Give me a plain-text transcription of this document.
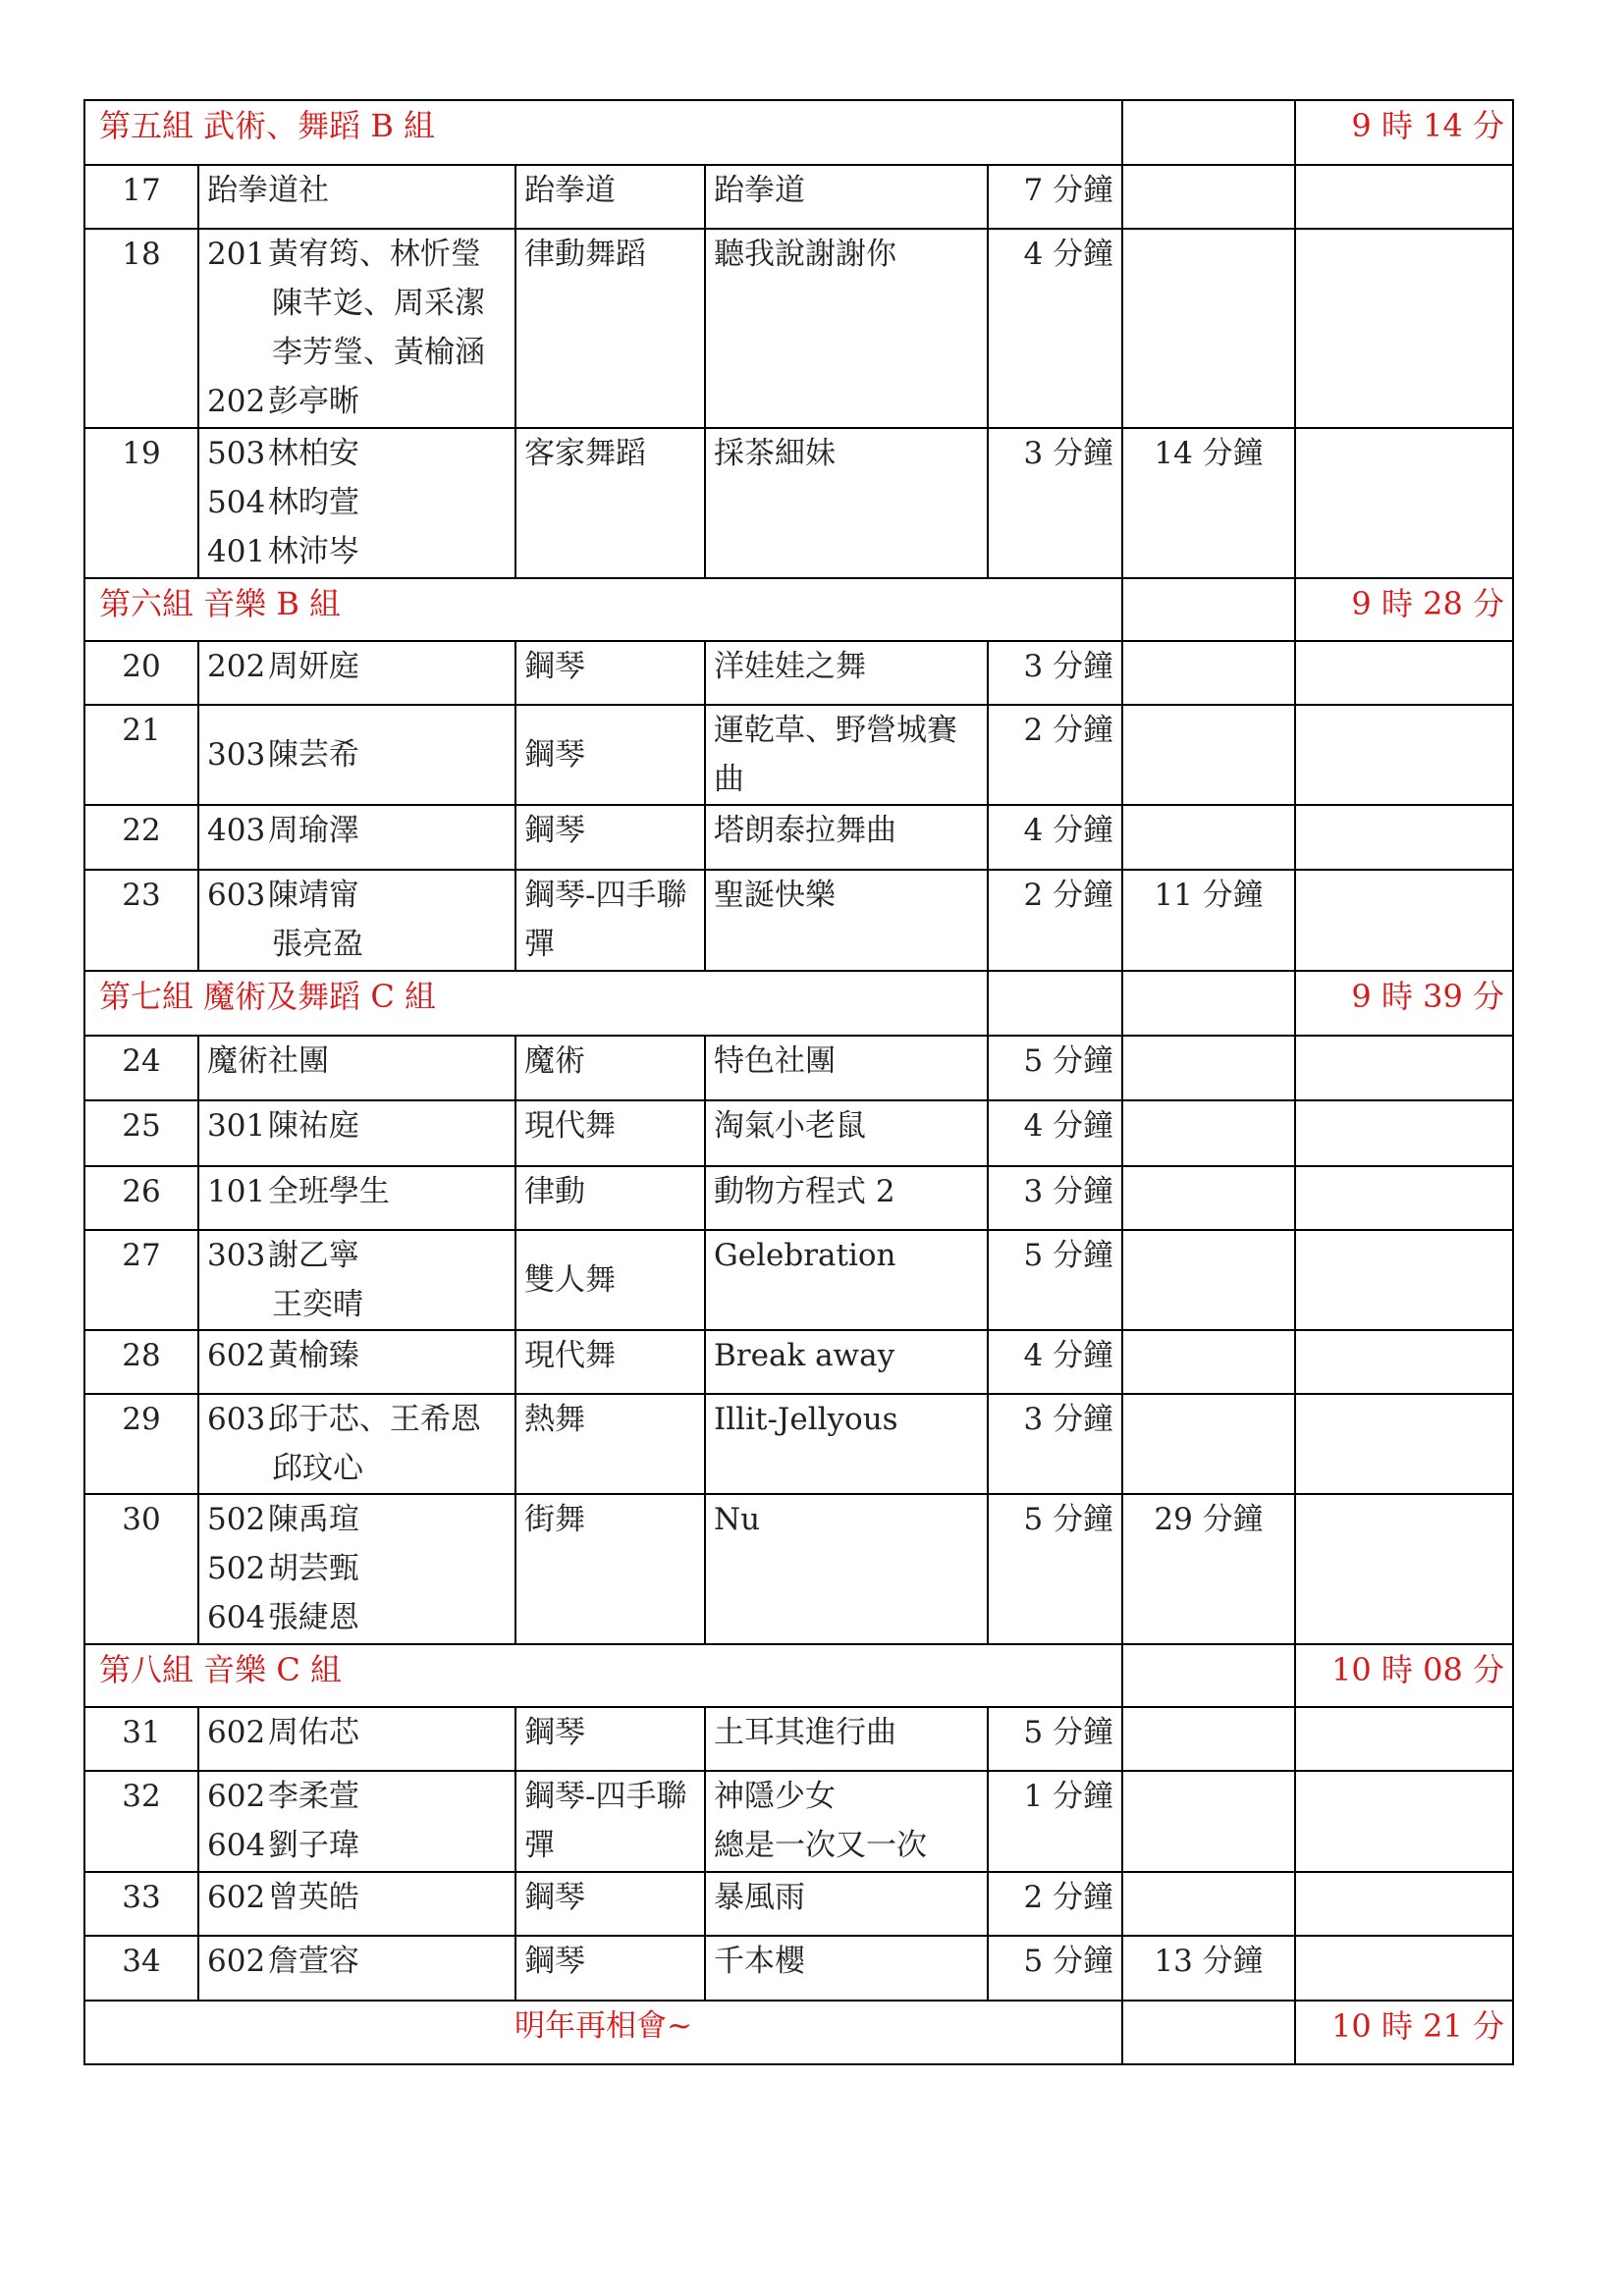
第五組 武術、舞蹈 B 組						9 時 14 分
17	跆拳道社	跆拳道	跆拳道	7 分鐘		
18	201 黃宥筠、林忻瑩
陳芊彣、周采潔
李芳瑩、黃榆涵
202 彭亭晰	律動舞蹈	聽我說謝謝你	4 分鐘		
19	503 林柏安
504 林昀萱
401 林沛岑	客家舞蹈	採茶細妹	3 分鐘	14 分鐘	
第六組 音樂 B 組						9 時 28 分
20	202 周妍庭	鋼琴	洋娃娃之舞	3 分鐘		
21	303 陳芸希	鋼琴	運乾草、野營城賽
曲	2 分鐘		
22	403 周瑜澤	鋼琴	塔朗泰拉舞曲	4 分鐘		
23	603 陳靖甯
張亮盈	鋼琴-四手聯彈	聖誕快樂	2 分鐘	11 分鐘	
第七組 魔術及舞蹈 C 組						9 時 39 分
24	魔術社團	魔術	特色社團	5 分鐘		
25	301 陳祐庭	現代舞	淘氣小老鼠	4 分鐘		
26	101 全班學生	律動	動物方程式 2	3 分鐘		
27	303 謝乙寧
王奕晴	雙人舞	Gelebration	5 分鐘		
28	602 黃榆臻	現代舞	Break away	4 分鐘		
29	603 邱于芯、王希恩
邱玟心	熱舞	Illit-Jellyous	3 分鐘		
30	502 陳禹瑄
502 胡芸甄
604 張緁恩	街舞	Nu	5 分鐘	29 分鐘	
第八組 音樂 C 組						10 時 08 分
31	602 周佑芯	鋼琴	土耳其進行曲	5 分鐘		
32	602 李柔萱
604 劉子瑋	鋼琴-四手聯彈	神隱少女
總是一次又一次	1 分鐘		
33	602 曾英皓	鋼琴	暴風雨	2 分鐘		
34	602 詹萱容	鋼琴	千本櫻	5 分鐘	13 分鐘	
明年再相會~						10 時 21 分
